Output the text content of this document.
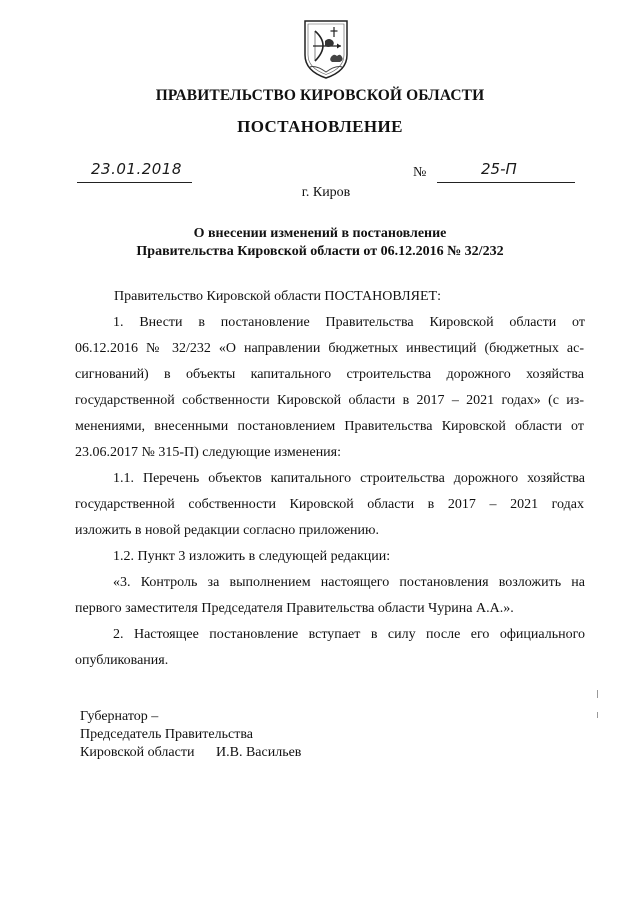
ПРАВИТЕЛЬСТВО КИРОВСКОЙ ОБЛАСТИ
ПОСТАНОВЛЕНИЕ
23.01.2018	№	25-П
г. Киров
О внесении изменений в постановление
Правительства Кировской области от 06.12.2016 № 32/232
Правительство Кировской области ПОСТАНОВЛЯЕТ:
1. Внести в постановление Правительства Кировской области от
06.12.2016 № 32/232 «О направлении бюджетных инвестиций (бюджетных ас-
сигнований) в объекты капитального строительства дорожного хозяйства
государственной собственности Кировской области в 2017 – 2021 годах» (с из-
менениями, внесенными постановлением Правительства Кировской области от
23.06.2017 № 315-П) следующие изменения:
1.1. Перечень объектов капитального строительства дорожного хозяйства
государственной собственности Кировской области в 2017 – 2021 годах
изложить в новой редакции согласно приложению.
1.2. Пункт 3 изложить в следующей редакции:
«3. Контроль за выполнением настоящего постановления возложить на
первого заместителя Председателя Правительства области Чурина А.А.».
2. Настоящее постановление вступает в силу после его официального
опубликования.
Губернатор –
Председатель Правительства
Кировской области И.В. Васильев
